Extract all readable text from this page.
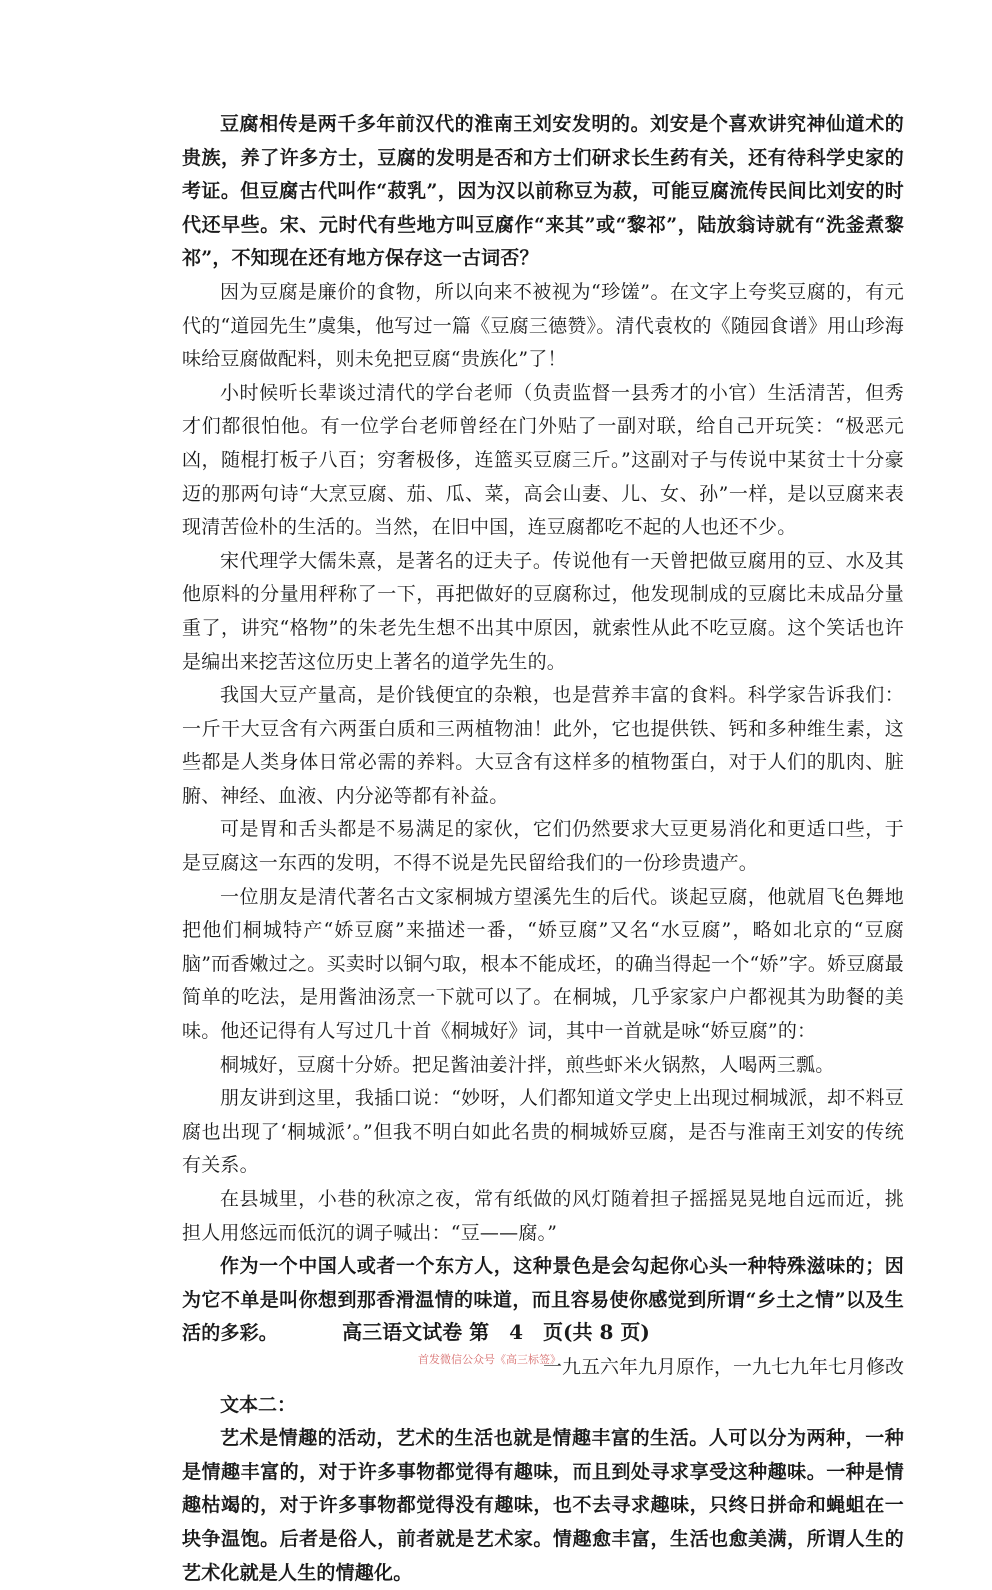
豆腐相传是两千多年前汉代的淮南王刘安发明的。刘安是个喜欢讲究神仙道术的贵族，养了许多方士，豆腐的发明是否和方士们研求长生药有关，还有待科学史家的考证。但豆腐古代叫作“菽乳”，因为汉以前称豆为菽，可能豆腐流传民间比刘安的时代还早些。宋、元时代有些地方叫豆腐作“来其”或“黎祁”，陆放翁诗就有“洗釜煮黎祁”，不知现在还有地方保存这一古词否？

因为豆腐是廉价的食物，所以向来不被视为“珍馐”。在文字上夸奖豆腐的，有元代的“道园先生”虞集，他写过一篇《豆腐三德赞》。清代袁枚的《随园食谱》用山珍海味给豆腐做配料，则未免把豆腐“贵族化”了！

小时候听长辈谈过清代的学台老师（负责监督一县秀才的小官）生活清苦，但秀才们都很怕他。有一位学台老师曾经在门外贴了一副对联，给自己开玩笑：“极恶元凶，随棍打板子八百；穷奢极侈，连篮买豆腐三斤。”这副对子与传说中某贫士十分豪迈的那两句诗“大烹豆腐、茄、瓜、菜，高会山妻、儿、女、孙”一样，是以豆腐来表现清苦俭朴的生活的。当然，在旧中国，连豆腐都吃不起的人也还不少。

宋代理学大儒朱熹，是著名的迂夫子。传说他有一天曾把做豆腐用的豆、水及其他原料的分量用秤称了一下，再把做好的豆腐称过，他发现制成的豆腐比未成品分量重了，讲究“格物”的朱老先生想不出其中原因，就索性从此不吃豆腐。这个笑话也许是编出来挖苦这位历史上著名的道学先生的。

我国大豆产量高，是价钱便宜的杂粮，也是营养丰富的食料。科学家告诉我们：一斤干大豆含有六两蛋白质和三两植物油！此外，它也提供铁、钙和多种维生素，这些都是人类身体日常必需的养料。大豆含有这样多的植物蛋白，对于人们的肌肉、脏腑、神经、血液、内分泌等都有补益。

可是胃和舌头都是不易满足的家伙，它们仍然要求大豆更易消化和更适口些，于是豆腐这一东西的发明，不得不说是先民留给我们的一份珍贵遗产。

一位朋友是清代著名古文家桐城方望溪先生的后代。谈起豆腐，他就眉飞色舞地把他们桐城特产“娇豆腐”来描述一番，“娇豆腐”又名“水豆腐”，略如北京的“豆腐脑”而香嫩过之。买卖时以铜勺取，根本不能成坯，的确当得起一个“娇”字。娇豆腐最简单的吃法，是用酱油汤烹一下就可以了。在桐城，几乎家家户户都视其为助餐的美味。他还记得有人写过几十首《桐城好》词，其中一首就是咏“娇豆腐”的：

桐城好，豆腐十分娇。把足酱油姜汁拌，煎些虾米火锅熬，人喝两三瓢。

朋友讲到这里，我插口说：“妙呀，人们都知道文学史上出现过桐城派，却不料豆腐也出现了‘桐城派’。”但我不明白如此名贵的桐城娇豆腐，是否与淮南王刘安的传统有关系。

在县城里，小巷的秋凉之夜，常有纸做的风灯随着担子摇摇晃晃地自远而近，挑担人用悠远而低沉的调子喊出：“豆——腐。”

作为一个中国人或者一个东方人，这种景色是会勾起你心头一种特殊滋味的；因为它不单是叫你想到那香滑温情的味道，而且容易使你感觉到所谓“乡土之情”以及生活的多彩。

首发微信公众号《高三标签》
一九五六年九月原作，一九七九年七月修改

文本二：

艺术是情趣的活动，艺术的生活也就是情趣丰富的生活。人可以分为两种，一种是情趣丰富的，对于许多事物都觉得有趣味，而且到处寻求享受这种趣味。一种是情趣枯竭的，对于许多事物都觉得没有趣味，也不去寻求趣味，只终日拼命和蝇蛆在一块争温饱。后者是俗人，前者就是艺术家。情趣愈丰富，生活也愈美满，所谓人生的艺术化就是人生的情趣化。

高三语文试卷 第　4　页(共 8 页)
